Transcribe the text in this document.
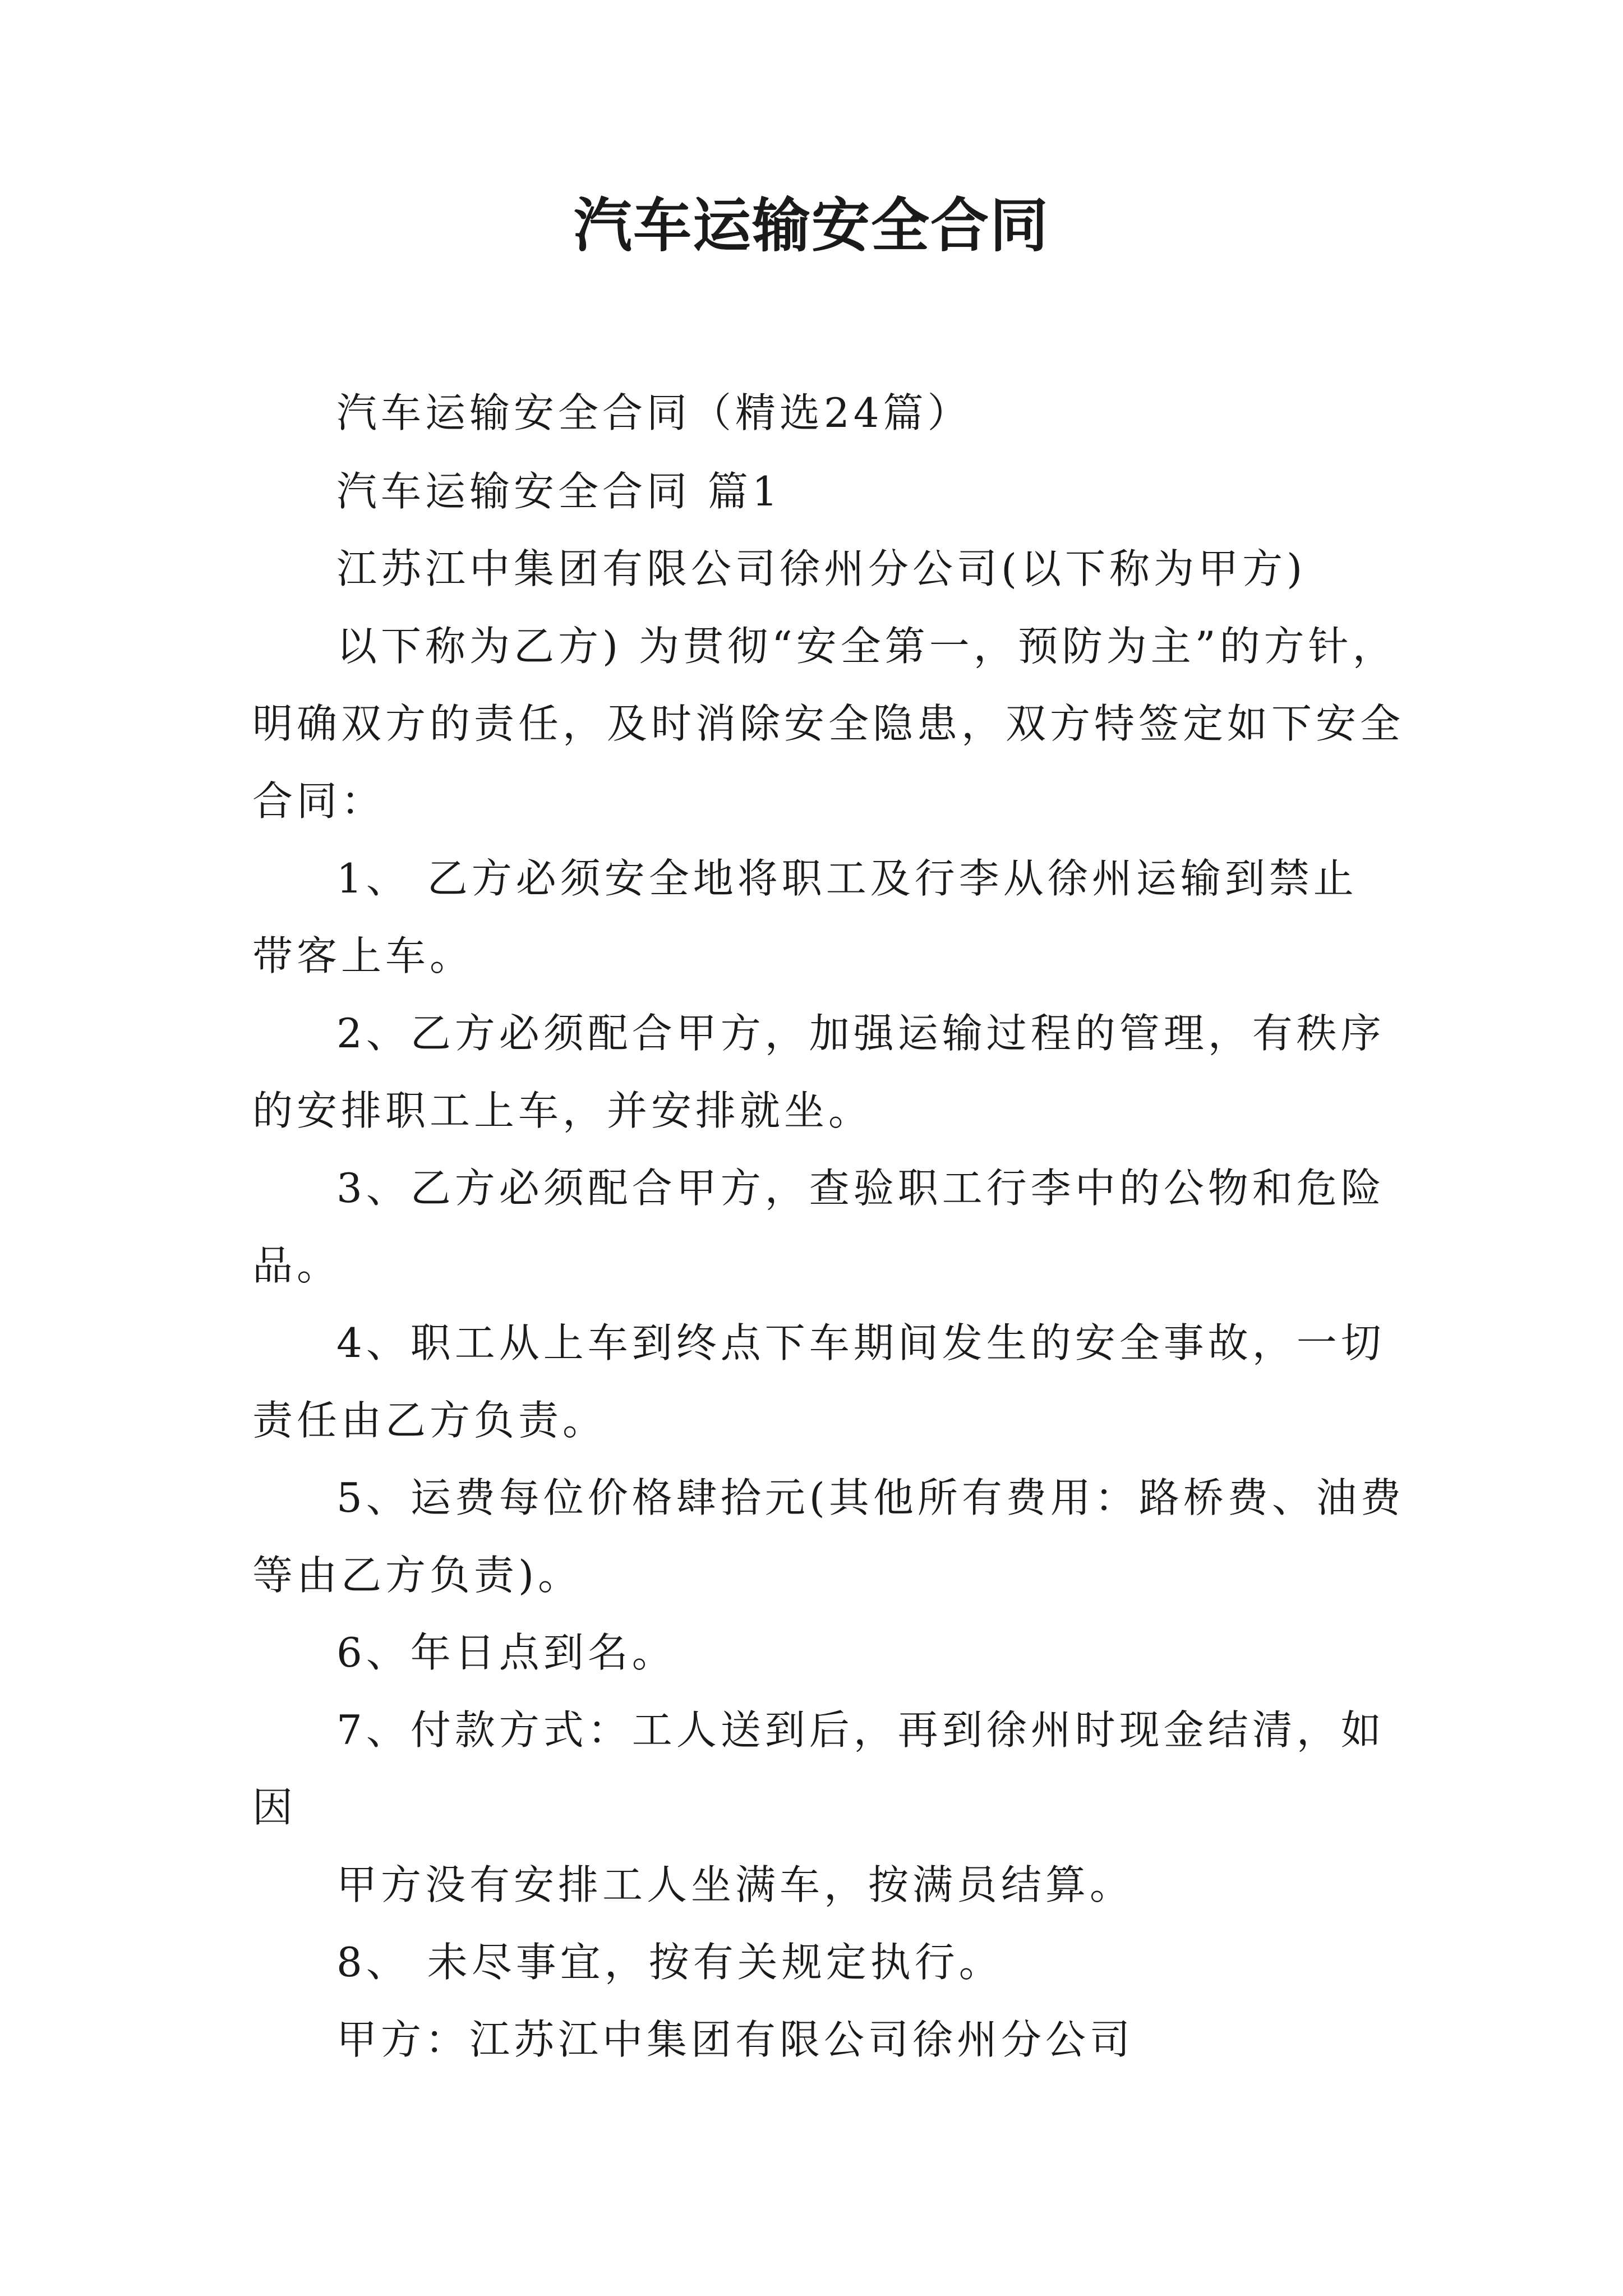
汽车运输安全合同
汽车运输安全合同（精选24篇）
汽车运输安全合同 篇1
江苏江中集团有限公司徐州分公司(以下称为甲方)
以下称为乙方) 为贯彻“安全第一，预防为主”的方针，
明确双方的责任，及时消除安全隐患，双方特签定如下安全
合同：
1、 乙方必须安全地将职工及行李从徐州运输到禁止
带客上车。
2、乙方必须配合甲方，加强运输过程的管理，有秩序
的安排职工上车，并安排就坐。
3、乙方必须配合甲方，查验职工行李中的公物和危险
品。
4、职工从上车到终点下车期间发生的安全事故，一切
责任由乙方负责。
5、运费每位价格肆拾元(其他所有费用：路桥费、油费
等由乙方负责)。
6、年日点到名。
7、付款方式：工人送到后，再到徐州时现金结清，如
因
甲方没有安排工人坐满车，按满员结算。
8、 未尽事宜，按有关规定执行。
甲方：江苏江中集团有限公司徐州分公司
